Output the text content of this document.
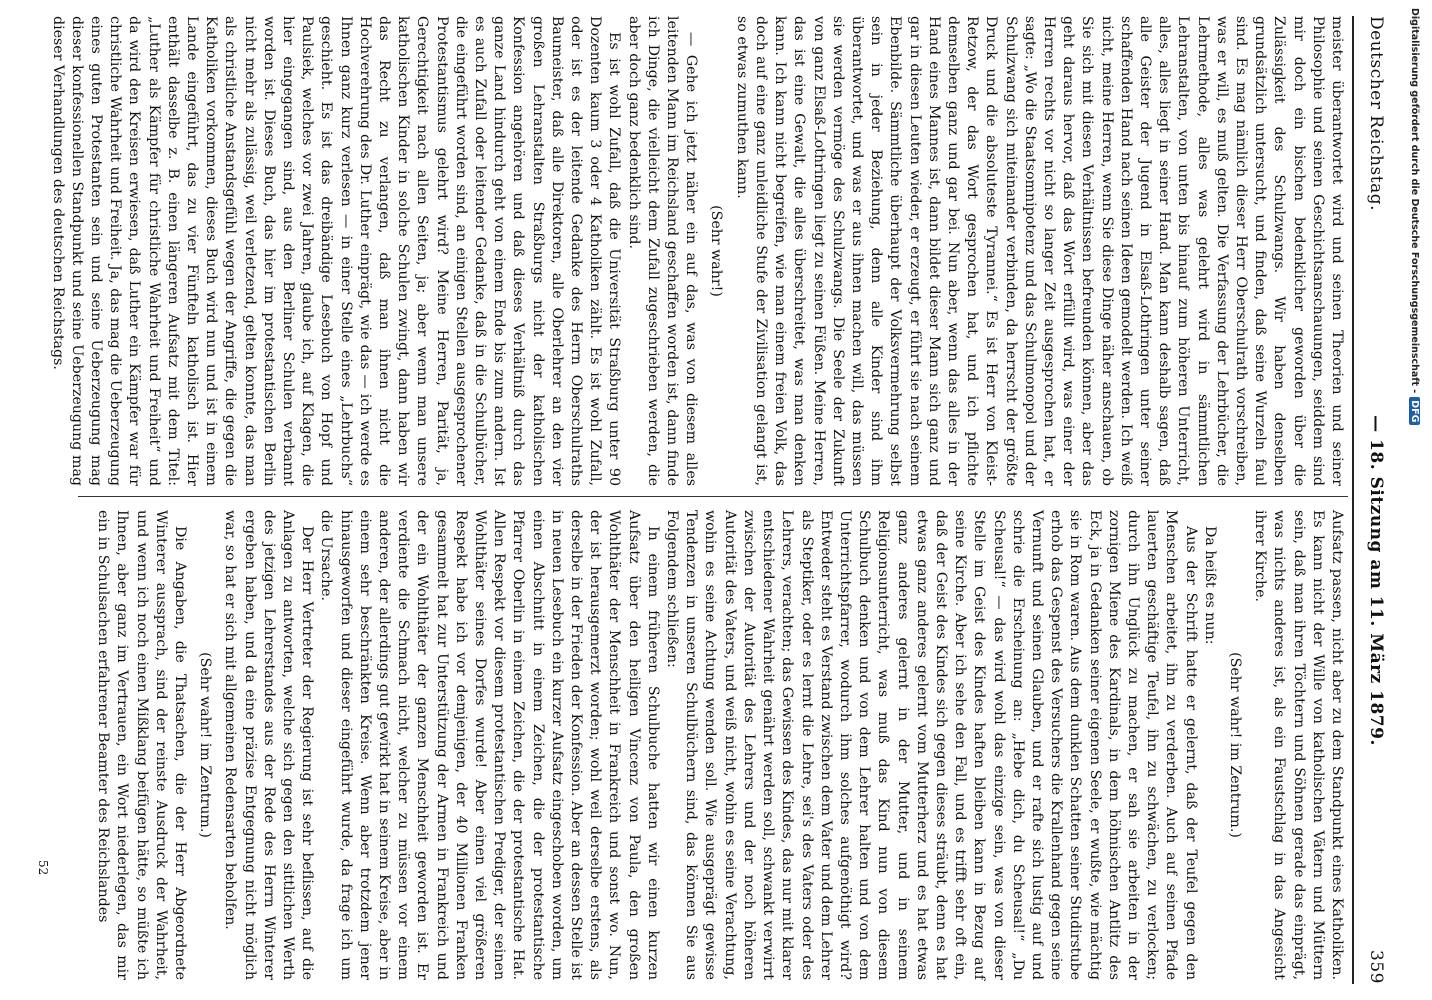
Deutscher Reichstag.
— 18. Sitzung am 11. März 1879.
359

meister überantwortet wird und seinen Theorien und seiner Philosophie und seinen Geschichtsanschauungen, seiddem sind mir doch ein bischen bedenklicher geworden über die Zulässigkeit des Schulzwangs. Wir haben denselben grundsätzlich untersucht, und finden, daß seine Wurzeln faul sind. Es mag nämlich dieser Herr Oberschulrath vorschreiben, was er will, es muß gelten. Die Verfassung der Lehrbücher, die Lehrmethode, alles was gelehrt wird in sämmtlichen Lehranstalten, von unten bis hinauf zum höheren Unterricht, alles, alles liegt in seiner Hand. Man kann deshalb sagen, daß alle Geister der Jugend in Elsaß-Lothringen unter seiner schaffenden Hand nach seinen Ideen gemodelt werden. Ich weiß nicht, meine Herren, wenn Sie diese Dinge näher anschauen, ob Sie sich mit diesen Verhältnissen befreunden können, aber das geht daraus hervor, daß das Wort erfüllt wird, was einer der Herren rechts vor nicht so langer Zeit ausgesprochen hat, er sagte: „Wo die Staatsomnipotenz und das Schulmonopol und der Schulzwang sich miteinander verbinden, da herrscht der größte Druck und die absoluteste Tyrannei.“ Es ist Herr von Kleist-Retzow, der das Wort gesprochen hat, und ich pflichte demselben ganz und gar bei. Nun aber, wenn das alles in der Hand eines Mannes ist, dann bildet dieser Mann sich ganz und gar in diesen Leuten wieder, er erzeugt, er führt sie nach seinem Ebenbilde. Sämmtliche überhaupt der Volksvermehrung selbst sein in jeder Beziehung, denn alle Kinder sind ihm überantwortet, und was er aus ihnen machen will, das müssen sie werden vermöge des Schulzwangs. Die Seele der Zukunft von ganz Elsaß-Lothringen liegt zu seinen Füßen. Meine Herren, das ist eine Gewalt, die alles überschreitet, was man denken kann. Ich kann nicht begreifen, wie man einem freien Volk, das doch auf eine ganz unleidliche Stufe der Zivilisation gelangt ist, so etwas zumuthen kann.

(Sehr wahr!)

— Gehe ich jetzt näher ein auf das, was von diesem alles leitenden Mann im Reichsland geschaffen worden ist, dann finde ich Dinge, die vielleicht dem Zufall zugeschrieben werden, die aber doch ganz bedenklich sind.

Es ist wohl Zufall, daß die Universität Straßburg unter 90 Dozenten kaum 3 oder 4 Katholiken zählt. Es ist wohl Zufall, oder ist es der leitende Gedanke des Herrn Oberschulraths Baumeister, daß alle Direktoren, alle Oberlehrer an den vier großen Lehranstalten Straßburgs nicht der katholischen Konfession angehören und daß dieses Verhältniß durch das ganze Land hindurch geht von einem Ende bis zum andern. Ist es auch Zufall oder leitender Gedanke, daß in die Schulbücher, die eingeführt worden sind, an einigen Stellen ausgesprochener Protestantismus gelehrt wird? Meine Herren, Parität, ja, Gerechtigkeit nach allen Seiten, ja; aber wenn man unsere katholischen Kinder in solche Schulen zwingt, dann haben wir das Recht zu verlangen, daß man ihnen nicht die Hochverehrung des Dr. Luther einprägt, wie das — ich werde es Ihnen ganz kurz verlesen — in einer Stelle eines „Lehrbuchs“ geschieht. Es ist das dreibändige Lesebuch von Hopf und Paulsiek, welches vor zwei Jahren, glaube ich, auf Klagen, die hier eingegangen sind, aus den Berliner Schulen verbannt worden ist. Dieses Buch, das hier im protestantischen Berlin nicht mehr als zulässig, weil verletzend, gelten konnte, das man als christliche Anstandsgefühl wegen der Angriffe, die gegen die Katholiken vorkommen, dieses Buch wird nun und ist in einem Lande eingeführt, das zu vier Fünfteln katholisch ist. Hier enthält dasselbe z. B. einen längeren Aufsatz mit dem Titel: „Luther als Kämpfer für christliche Wahrheit und Freiheit“ und da wird den Kreisen erwiesen, daß Luther ein Kämpfer war für christliche Wahrheit und Freiheit. Ja, das mag die Ueberzeugung eines guten Protestanten sein und seine Ueberzeugung mag dieser konfessionellen Standpunkt und seine Ueberzeugung mag dieser Verhandlungen des deutschen Reichstags.

Aufsatz passen, nicht aber zu dem Standpunkt eines Katholiken. Es kann nicht der Wille von katholischen Vätern und Müttern sein, daß man ihren Töchtern und Söhnen gerade das einprägt, was nichts anderes ist, als ein Faustschlag in das Angesicht ihrer Kirche.

(Sehr wahr! im Zentrum.)

Da heißt es nun:

Aus der Schrift hatte er gelernt, daß der Teufel gegen den Menschen arbeitet, ihn zu verderben. Auch auf seinen Pfade lauerten geschäftige Teufel, ihn zu schwächen, zu verlocken; durch ihn Unglück zu machen, er sah sie arbeiten in der zornigen Miene des Kardinals, in dem höhnischen Antlitz des Eck, ja in Gedanken seiner eigenen Seele, er wußte, wie mächtig sie in Rom waren. Aus dem dunklen Schatten seiner Studirstube erhob das Gespenst des Versuchers die Krallenhand gegen seine Vernunft und seinen Glauben, und er rafte sich lustig auf und schrie die Erscheinung an: „Hebe dich, du Scheusal!“ „Du Scheusal!“ — das wird wohl das einzige sein, was von dieser Stelle im Geist des Kindes haften bleiben kann in Bezug auf seine Kirche. Aber ich sehe den Fall, und es trifft sehr oft ein, daß der Geist des Kindes sich gegen dieses sträubt, denn es hat etwas ganz anderes gelernt vom Mutterherz und es hat etwas ganz anderes gelernt in der Mutter, und in seinem Religionsunterricht, was muß das Kind nun von diesem Schulbuch denken und von dem Lehrer halten und von dem Unterrichtspfarrer, wodurch ihm solches aufgenöthigt wird? Entweder steht es Verstand zwischen dem Vater und dem Lehrer als Steptiker, oder es lernt die Lehre, sei's des Vaters oder des Lehrers, verachten; das Gewissen des Kindes, das nur mit klarer entschiedener Wahrheit genährt werden soll, schwankt verwirrt zwischen der Autorität des Lehrers und der noch höheren Autorität des Vaters, und weiß nicht, wohin es seine Verachtung, wohin es seine Achtung wenden soll. Wie ausgeprägt gewisse Tendenzen in unseren Schulbüchern sind, das können Sie aus Folgendem schließen:

In einem früheren Schulbuche hatten wir einen kurzen Aufsatz über den heiligen Vincenz von Paula, den großen Wohlthäter der Menschheit in Frankreich und sonst wo. Nun, der ist herausgemerzt worden; wohl weil derselbe erstens, als derselbe in der Frieden der Konfession. Aber an dessen Stelle ist in neuen Lesebuch ein kurzer Aufsatz eingeschoben worden, um einen Abschnitt in einem Zeichen, die der protestantische Pfarrer Oberlin in einem Zeichen, die der protestantische Hat. Allen Respekt vor diesem protestantischen Prediger, der seinen Wohlthäter seines Dorfes wurde! Aber einen viel größeren Respekt habe ich vor demjenigen, der 40 Millionen Franken gesammelt hat zur Unterstützung der Armen in Frankreich und der ein Wohlthäter der ganzen Menschheit geworden ist. Er verdiente die Schmach nicht, welcher zu müssen vor einem anderen, der allerdings gut gewirkt hat in seinem Kreise, aber in einem sehr beschränkten Kreise. Wenn aber trotzdem jener hinausgeworfen und dieser eingeführt wurde, da frage ich um die Ursache.

Der Herr Vertreter der Regierung ist sehr beflissen, auf die Anlagen zu antworten, welche sich gegen den sittlichen Werth des jetzigen Lehrerstandes aus der Rede des Herrn Winterer ergeben haben, und da eine präzise Entgegnung nicht möglich war, so hat er sich mit allgemeinen Redensarten beholfen.

(Sehr wahr! im Zentrum.)

Die Angaben, die Thatsachen, die der Herr Abgeordnete Winterer aussprach, sind der reinste Ausdruck der Wahrheit, und wenn ich noch einen Mißklang beifügen hätte, so müßte ich Ihnen, aber ganz im Vertrauen, ein Wort niederlegen, das mir ein in Schulsachen erfahrener Beamter des Reichslandes

52
Digitalisierung gefördert durch die Deutsche Forschungsgemeinschaft -DFG
